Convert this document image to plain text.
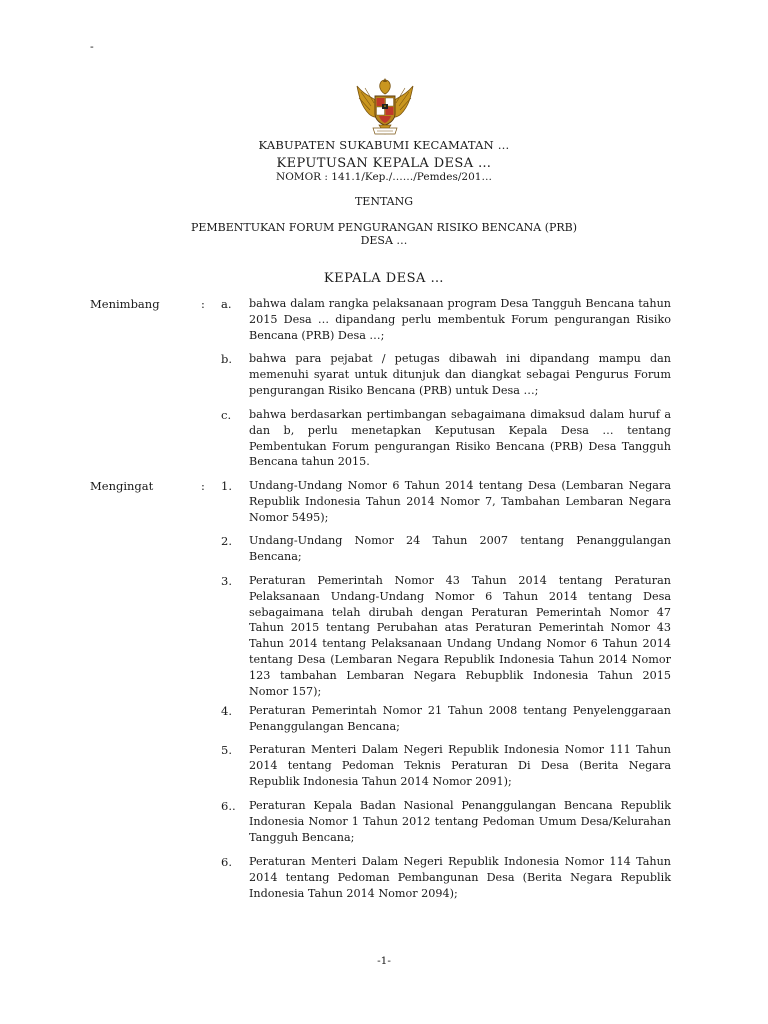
-
KABUPATEN SUKABUMI KECAMATAN …
KEPUTUSAN KEPALA DESA …
NOMOR : 141.1/Kep./……/Pemdes/201…
TENTANG
PEMBENTUKAN FORUM PENGURANGAN RISIKO BENCANA (PRB)
DESA …
KEPALA DESA …
Menimbang	: a. bahwa dalam rangka pelaksanaan program Desa Tangguh Bencana tahun 2015 Desa … dipandang perlu membentuk Forum pengurangan Risiko Bencana (PRB) Desa …;
b. bahwa para pejabat / petugas dibawah ini dipandang mampu dan memenuhi syarat untuk ditunjuk dan diangkat sebagai Pengurus Forum pengurangan Risiko Bencana (PRB) untuk Desa …;
c. bahwa berdasarkan pertimbangan sebagaimana dimaksud dalam huruf a dan b, perlu menetapkan Keputusan Kepala Desa … tentang Pembentukan Forum pengurangan Risiko Bencana (PRB) Desa Tangguh Bencana tahun 2015.
Mengingat	: 1. Undang-Undang Nomor 6 Tahun 2014 tentang Desa (Lembaran Negara Republik Indonesia Tahun 2014 Nomor 7, Tambahan Lembaran Negara Nomor 5495);
2. Undang-Undang Nomor 24 Tahun 2007 tentang Penanggulangan Bencana;
3. Peraturan Pemerintah Nomor 43 Tahun 2014 tentang Peraturan Pelaksanaan Undang-Undang Nomor 6 Tahun 2014 tentang Desa sebagaimana telah dirubah dengan Peraturan Pemerintah Nomor 47 Tahun 2015 tentang Perubahan atas Peraturan Pemerintah Nomor 43 Tahun 2014 tentang Pelaksanaan Undang Undang Nomor 6 Tahun 2014 tentang Desa (Lembaran Negara Republik Indonesia Tahun 2014 Nomor 123 tambahan Lembaran Negara Rebupblik Indonesia Tahun 2015 Nomor 157);
4. Peraturan Pemerintah Nomor 21 Tahun 2008 tentang Penyelenggaraan Penanggulangan Bencana;
5. Peraturan Menteri Dalam Negeri Republik Indonesia Nomor 111 Tahun 2014 tentang Pedoman Teknis Peraturan Di Desa (Berita Negara Republik Indonesia Tahun 2014 Nomor 2091);
6.. Peraturan Kepala Badan Nasional Penanggulangan Bencana Republik Indonesia Nomor 1 Tahun 2012 tentang Pedoman Umum Desa/Kelurahan Tangguh Bencana;
6. Peraturan Menteri Dalam Negeri Republik Indonesia Nomor 114 Tahun 2014 tentang Pedoman Pembangunan Desa (Berita Negara Republik Indonesia Tahun 2014 Nomor 2094);
-1-
